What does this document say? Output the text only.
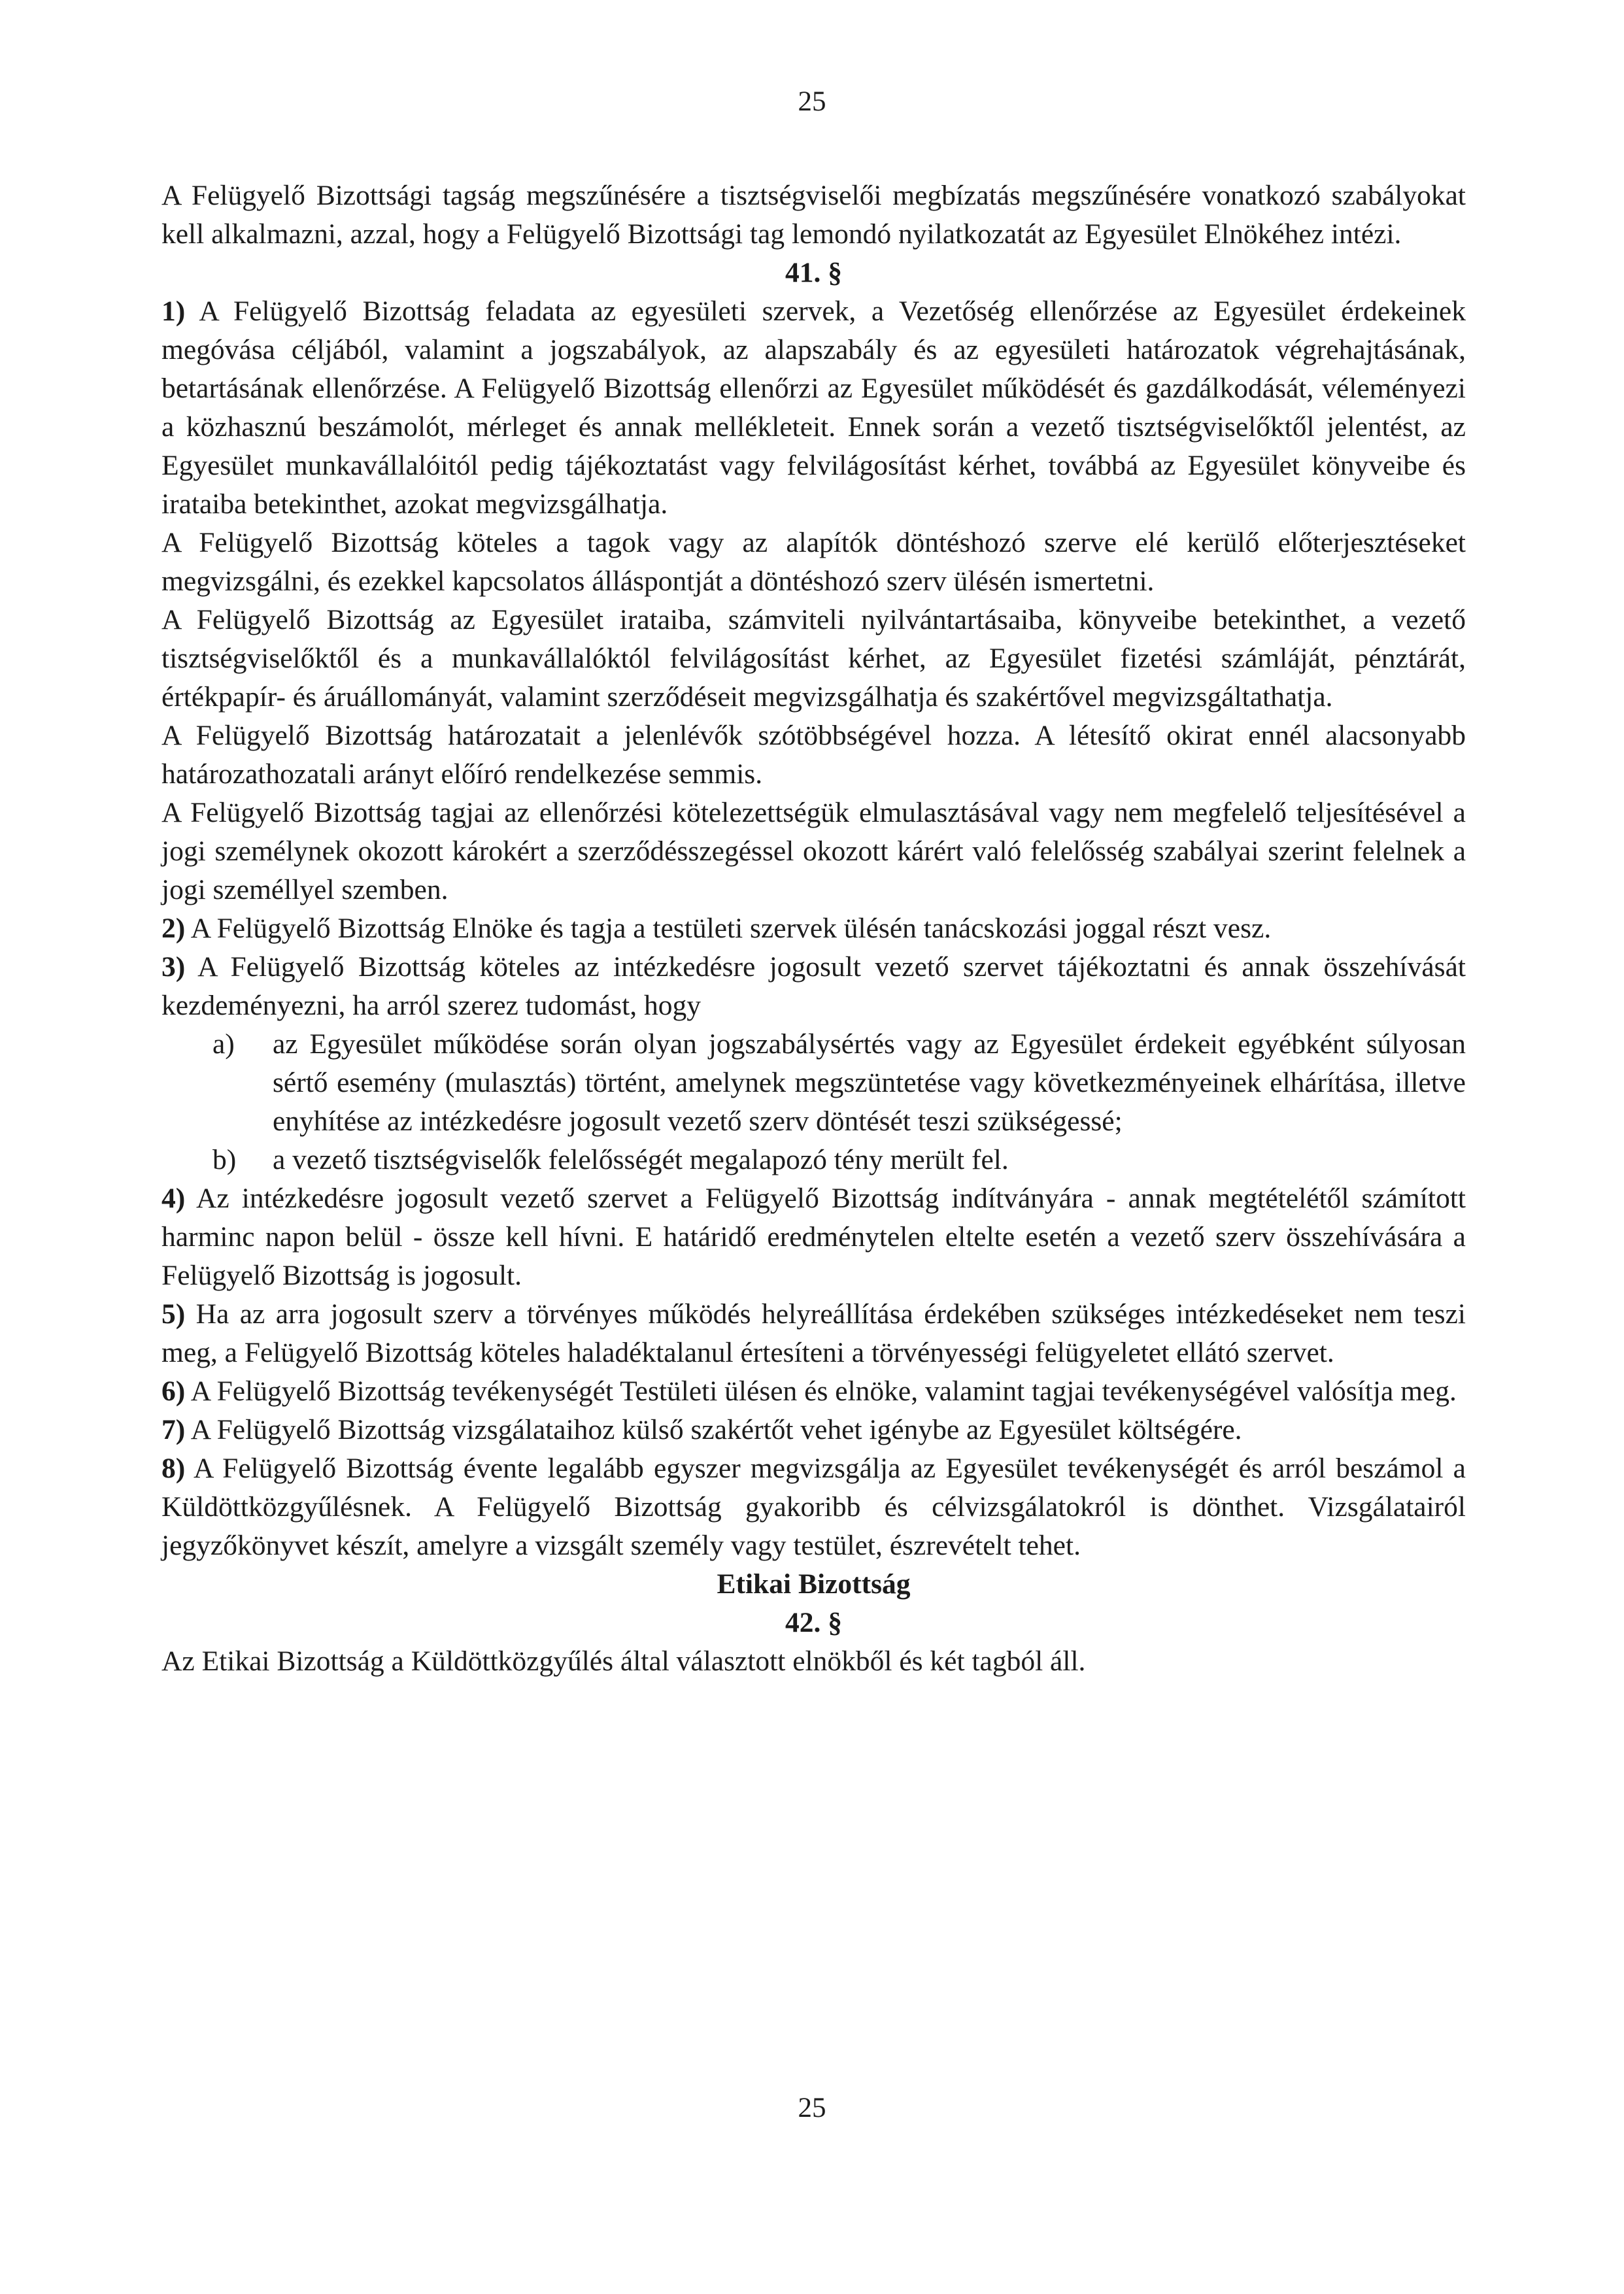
25

A Felügyelő Bizottsági tagság megszűnésére a tisztségviselői megbízatás megszűnésére vonatkozó szabályokat kell alkalmazni, azzal, hogy a Felügyelő Bizottsági tag lemondó nyilatkozatát az Egyesület Elnökéhez intézi.

41. §

1) A Felügyelő Bizottság feladata az egyesületi szervek, a Vezetőség ellenőrzése az Egyesület érdekeinek megóvása céljából, valamint a jogszabályok, az alapszabály és az egyesületi határozatok végrehajtásának, betartásának ellenőrzése. A Felügyelő Bizottság ellenőrzi az Egyesület működését és gazdálkodását, véleményezi a közhasznú beszámolót, mérleget és annak mellékleteit. Ennek során a vezető tisztségviselőktől jelentést, az Egyesület munkavállalóitól pedig tájékoztatást vagy felvilágosítást kérhet, továbbá az Egyesület könyveibe és irataiba betekinthet, azokat megvizsgálhatja.

A Felügyelő Bizottság köteles a tagok vagy az alapítók döntéshozó szerve elé kerülő előterjesztéseket megvizsgálni, és ezekkel kapcsolatos álláspontját a döntéshozó szerv ülésén ismertetni.

A Felügyelő Bizottság az Egyesület irataiba, számviteli nyilvántartásaiba, könyveibe betekinthet, a vezető tisztségviselőktől és a munkavállalóktól felvilágosítást kérhet, az Egyesület fizetési számláját, pénztárát, értékpapír- és áruállományát, valamint szerződéseit megvizsgálhatja és szakértővel megvizsgáltathatja.

A Felügyelő Bizottság határozatait a jelenlévők szótöbbségével hozza. A létesítő okirat ennél alacsonyabb határozathozatali arányt előíró rendelkezése semmis.

A Felügyelő Bizottság tagjai az ellenőrzési kötelezettségük elmulasztásával vagy nem megfelelő teljesítésével a jogi személynek okozott károkért a szerződésszegéssel okozott kárért való felelősség szabályai szerint felelnek a jogi személlyel szemben.

2) A Felügyelő Bizottság Elnöke és tagja a testületi szervek ülésén tanácskozási joggal részt vesz.

3) A Felügyelő Bizottság köteles az intézkedésre jogosult vezető szervet tájékoztatni és annak összehívását kezdeményezni, ha arról szerez tudomást, hogy

a) az Egyesület működése során olyan jogszabálysértés vagy az Egyesület érdekeit egyébként súlyosan sértő esemény (mulasztás) történt, amelynek megszüntetése vagy következményeinek elhárítása, illetve enyhítése az intézkedésre jogosult vezető szerv döntését teszi szükségessé;

b) a vezető tisztségviselők felelősségét megalapozó tény merült fel.

4) Az intézkedésre jogosult vezető szervet a Felügyelő Bizottság indítványára - annak megtételétől számított harminc napon belül - össze kell hívni. E határidő eredménytelen eltelte esetén a vezető szerv összehívására a Felügyelő Bizottság is jogosult.

5) Ha az arra jogosult szerv a törvényes működés helyreállítása érdekében szükséges intézkedéseket nem teszi meg, a Felügyelő Bizottság köteles haladéktalanul értesíteni a törvényességi felügyeletet ellátó szervet.

6) A Felügyelő Bizottság tevékenységét Testületi ülésen és elnöke, valamint tagjai tevékenységével valósítja meg.

7) A Felügyelő Bizottság vizsgálataihoz külső szakértőt vehet igénybe az Egyesület költségére.

8) A Felügyelő Bizottság évente legalább egyszer megvizsgálja az Egyesület tevékenységét és arról beszámol a Küldöttközgyűlésnek. A Felügyelő Bizottság gyakoribb és célvizsgálatokról is dönthet. Vizsgálatairól jegyzőkönyvet készít, amelyre a vizsgált személy vagy testület, észrevételt tehet.

Etikai Bizottság

42. §

Az Etikai Bizottság a Küldöttközgyűlés által választott elnökből és két tagból áll.

25
